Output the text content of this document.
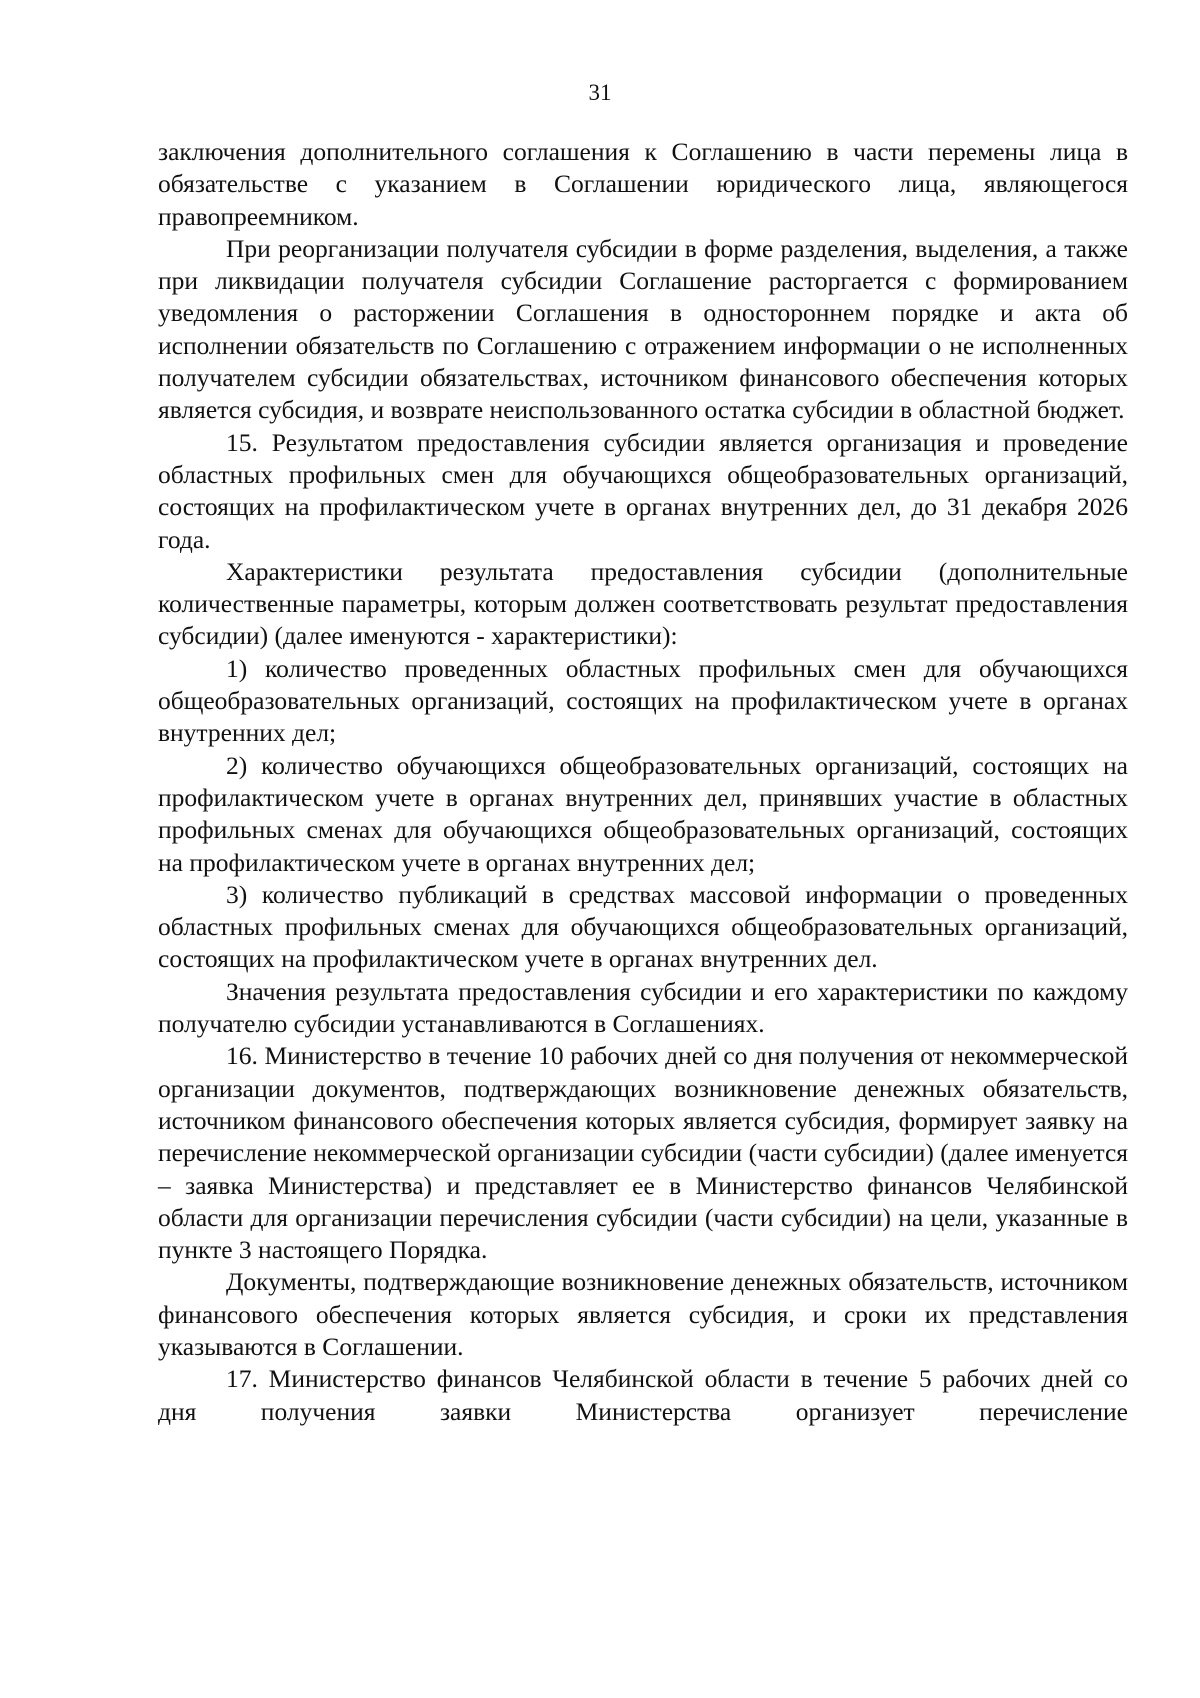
31

заключения дополнительного соглашения к Соглашению в части перемены лица в обязательстве с указанием в Соглашении юридического лица, являющегося правопреемником.

При реорганизации получателя субсидии в форме разделения, выделения, а также при ликвидации получателя субсидии Соглашение расторгается с формированием уведомления о расторжении Соглашения в одностороннем порядке и акта об исполнении обязательств по Соглашению с отражением информации о не исполненных получателем субсидии обязательствах, источником финансового обеспечения которых является субсидия, и возврате неиспользованного остатка субсидии в областной бюджет.

15. Результатом предоставления субсидии является организация и проведение областных профильных смен для обучающихся общеобразовательных организаций, состоящих на профилактическом учете в органах внутренних дел, до 31 декабря 2026 года.

Характеристики результата предоставления субсидии (дополнительные количественные параметры, которым должен соответствовать результат предоставления субсидии) (далее именуются - характеристики):

1) количество проведенных областных профильных смен для обучающихся общеобразовательных организаций, состоящих на профилактическом учете в органах внутренних дел;

2) количество обучающихся общеобразовательных организаций, состоящих на профилактическом учете в органах внутренних дел, принявших участие в областных профильных сменах для обучающихся общеобразовательных организаций, состоящих на профилактическом учете в органах внутренних дел;

3) количество публикаций в средствах массовой информации о проведенных областных профильных сменах для обучающихся общеобразовательных организаций, состоящих на профилактическом учете в органах внутренних дел.

Значения результата предоставления субсидии и его характеристики по каждому получателю субсидии устанавливаются в Соглашениях.

16. Министерство в течение 10 рабочих дней со дня получения от некоммерческой организации документов, подтверждающих возникновение денежных обязательств, источником финансового обеспечения которых является субсидия, формирует заявку на перечисление некоммерческой организации субсидии (части субсидии) (далее именуется – заявка Министерства) и представляет ее в Министерство финансов Челябинской области для организации перечисления субсидии (части субсидии) на цели, указанные в пункте 3 настоящего Порядка.

Документы, подтверждающие возникновение денежных обязательств, источником финансового обеспечения которых является субсидия, и сроки их представления указываются в Соглашении.

17. Министерство финансов Челябинской области в течение 5 рабочих дней со дня получения заявки Министерства организует перечисление
